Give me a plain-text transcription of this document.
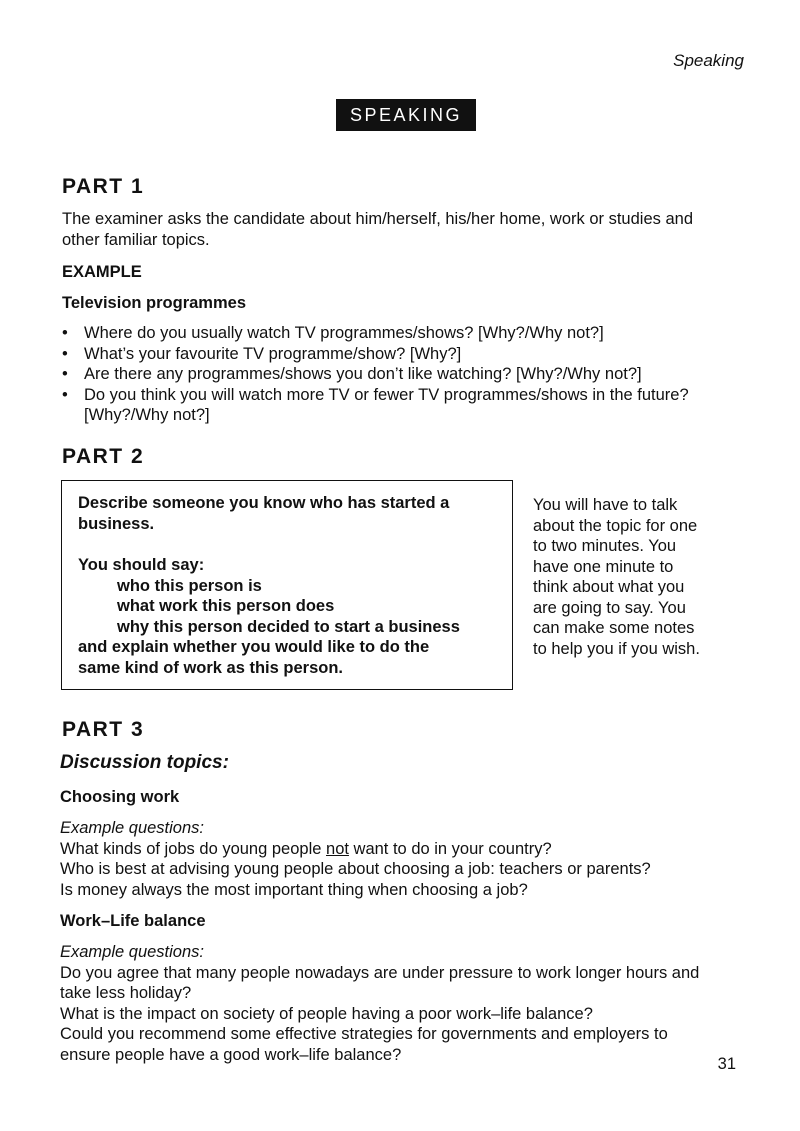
Speaking
SPEAKING
PART 1
The examiner asks the candidate about him/herself, his/her home, work or studies and
other familiar topics.
EXAMPLE
Television programmes
• Where do you usually watch TV programmes/shows? [Why?/Why not?]
• What’s your favourite TV programme/show? [Why?]
• Are there any programmes/shows you don’t like watching? [Why?/Why not?]
• Do you think you will watch more TV or fewer TV programmes/shows in the future?
[Why?/Why not?]
PART 2
Describe someone you know who has started a
business.
You should say:
who this person is
what work this person does
why this person decided to start a business
and explain whether you would like to do the
same kind of work as this person.
You will have to talk
about the topic for one
to two minutes. You
have one minute to
think about what you
are going to say. You
can make some notes
to help you if you wish.
PART 3
Discussion topics:
Choosing work
Example questions:
What kinds of jobs do young people not want to do in your country?
Who is best at advising young people about choosing a job: teachers or parents?
Is money always the most important thing when choosing a job?
Work–Life balance
Example questions:
Do you agree that many people nowadays are under pressure to work longer hours and
take less holiday?
What is the impact on society of people having a poor work–life balance?
Could you recommend some effective strategies for governments and employers to
ensure people have a good work–life balance?
31
